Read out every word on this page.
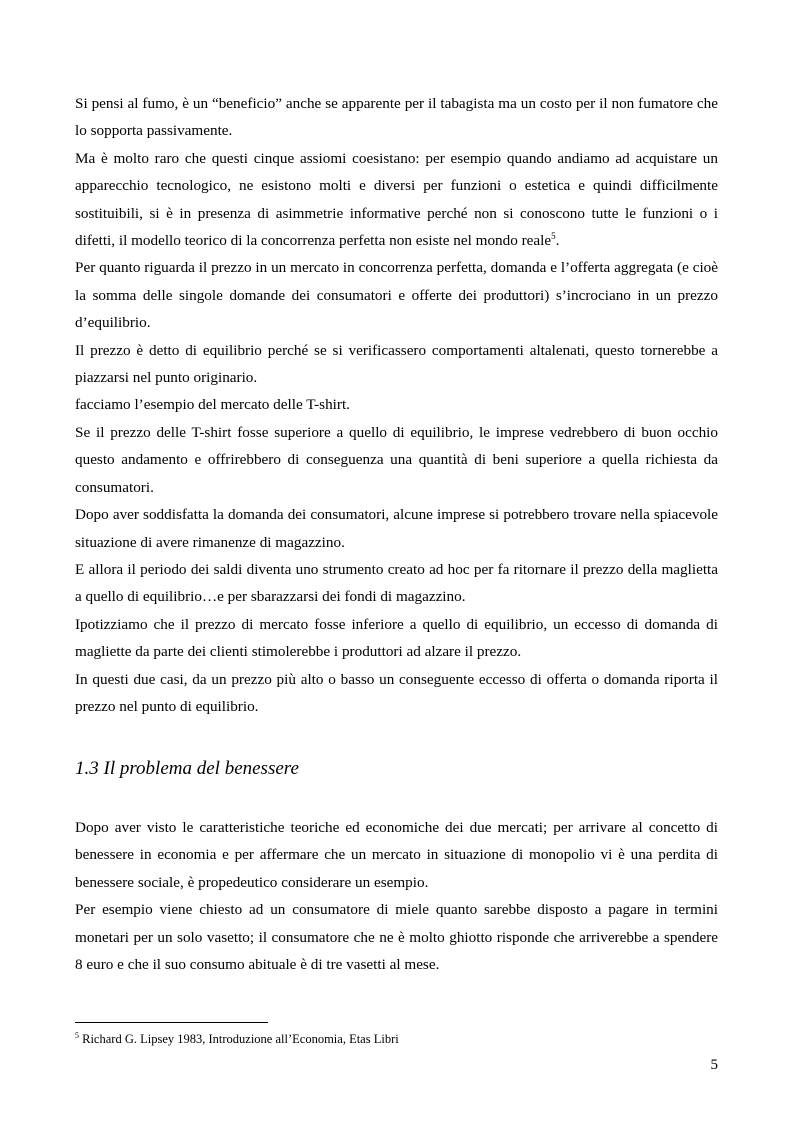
Si pensi al fumo, è un “beneficio” anche se apparente per il tabagista ma un costo per il non fumatore che lo sopporta passivamente.

Ma è molto raro che questi cinque assiomi coesistano: per esempio quando andiamo ad acquistare un apparecchio tecnologico, ne esistono molti e diversi per funzioni o estetica e quindi difficilmente sostituibili, si è in presenza di asimmetrie informative perché non si conoscono tutte le funzioni o i difetti, il modello teorico di la concorrenza perfetta non esiste nel mondo reale$^5$.

Per quanto riguarda il prezzo in un mercato in concorrenza perfetta, domanda e l’offerta aggregata (e cioè la somma delle singole domande dei consumatori e offerte dei produttori) s’incrociano in un prezzo d’equilibrio.

Il prezzo è detto di equilibrio perché se si verificassero comportamenti altalenati, questo tornerebbe a piazzarsi nel punto originario.

facciamo l’esempio del mercato delle T-shirt.

Se il prezzo delle T-shirt fosse superiore a quello di equilibrio, le imprese vedrebbero di buon occhio questo andamento e offrirebbero di conseguenza una quantità di beni superiore a quella richiesta da consumatori.

Dopo aver soddisfatta la domanda dei consumatori, alcune imprese si potrebbero trovare nella spiacevole situazione di avere rimanenze di magazzino.

E allora il periodo dei saldi diventa uno strumento creato ad hoc per fa ritornare il prezzo della maglietta a quello di equilibrio…e per sbarazzarsi dei fondi di magazzino.

Ipotizziamo che il prezzo di mercato fosse inferiore a quello di equilibrio, un eccesso di domanda di magliette da parte dei clienti stimolerebbe i produttori ad alzare il prezzo.

In questi due casi, da un prezzo più alto o basso un conseguente eccesso di offerta o domanda riporta il prezzo nel punto di equilibrio.

1.3 Il problema del benessere

Dopo aver visto le caratteristiche teoriche ed economiche dei due mercati; per arrivare al concetto di benessere in economia e per affermare che un mercato in situazione di monopolio vi è una perdita di benessere sociale, è propedeutico considerare un esempio.

Per esempio viene chiesto ad un consumatore di miele quanto sarebbe disposto a pagare in termini monetari per un solo vasetto; il consumatore che ne è molto ghiotto risponde che arriverebbe a spendere 8 euro e che il suo consumo abituale è di tre vasetti al mese.

$^5$ Richard G. Lipsey 1983, Introduzione all’Economia, Etas Libri
5
